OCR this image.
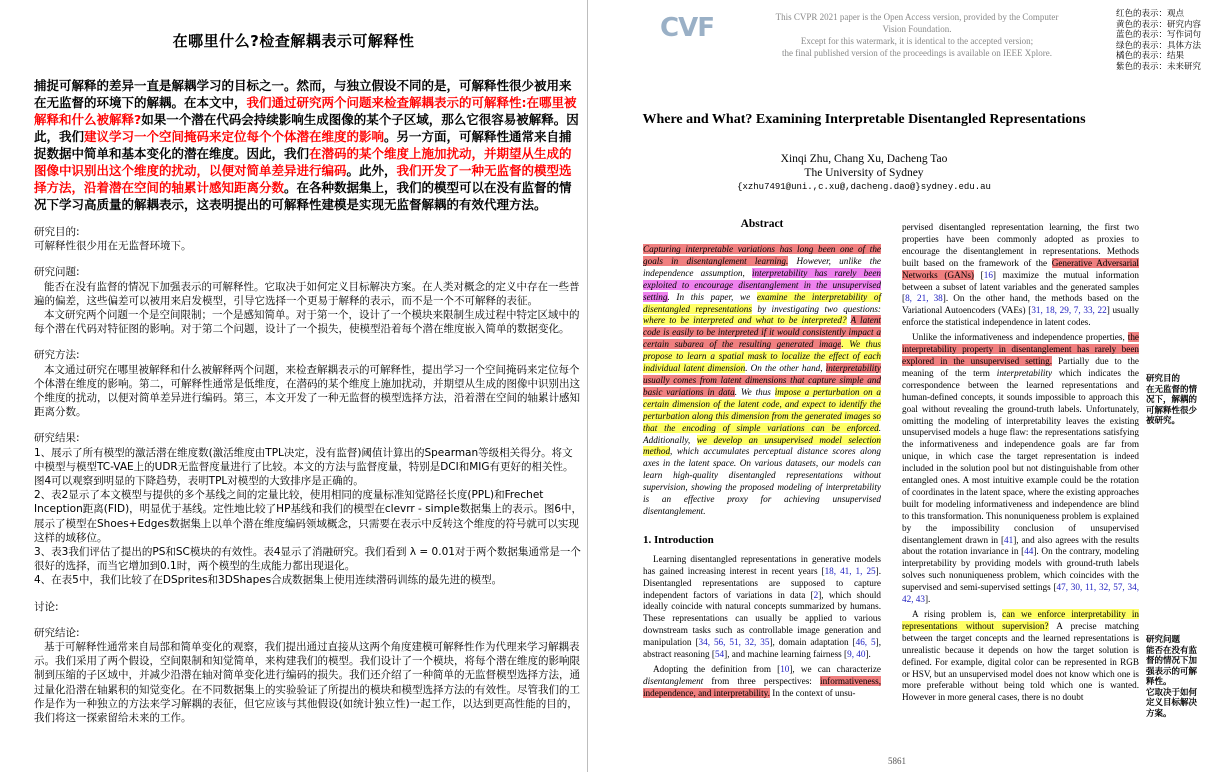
在哪里什么?检查解耦表示可解释性
捕捉可解释的差异一直是解耦学习的目标之一。然而，与独立假设不同的是，可解释性很少被用来在无监督的环境下的解耦。在本文中，我们通过研究两个问题来检查解耦表示的可解释性:在哪里被解释和什么被解释?如果一个潜在代码会持续影响生成图像的某个子区域，那么它很容易被解释。因此，我们建议学习一个空间掩码来定位每个个体潜在维度的影响。另一方面，可解释性通常来自捕捉数据中简单和基本变化的潜在维度。因此，我们在潜码的某个维度上施加扰动，并期望从生成的图像中识别出这个维度的扰动，以便对简单差异进行编码。此外，我们开发了一种无监督的模型选择方法，沿着潜在空间的轴累计感知距离分数。在各种数据集上，我们的模型可以在没有监督的情况下学习高质量的解耦表示，这表明提出的可解释性建模是实现无监督解耦的有效代理方法。
研究目的:
可解释性很少用在无监督环境下。
研究问题:
能否在没有监督的情况下加强表示的可解释性。它取决于如何定义目标解决方案。在人类对概念的定义中存在一些普遍的偏差，这些偏差可以被用来启发模型，引导它选择一个更易于解释的表示，而不是一个不可解释的表征。
本文研究两个问题一个是空间限制；一个是感知简单。对于第一个，设计了一个模块来限制生成过程中特定区域中的每个潜在代码对特征图的影响。对于第二个问题，设计了一个损失，使模型沿着每个潜在维度嵌入简单的数据变化。
研究方法:
本文通过研究在哪里被解释和什么被解释两个问题，来检查解耦表示的可解释性，提出学习一个空间掩码来定位每个个体潜在维度的影响。第二，可解释性通常是低维度，在潜码的某个维度上施加扰动，并期望从生成的图像中识别出这个维度的扰动，以便对简单差异进行编码。第三，本文开发了一种无监督的模型选择方法，沿着潜在空间的轴累计感知距离分数。
研究结果:
1、展示了所有模型的激活潜在维度数(激活维度由TPL决定，没有监督)阈值计算出的Spearman等级相关得分。将文中模型与模型TC-VAE上的UDR无监督度量进行了比较。本文的方法与监督度量，特别是DCI和MIG有更好的相关性。图4可以观察到明显的下降趋势，表明TPL对模型的大致排序是正确的。
2、表2显示了本文模型与提供的多个基线之间的定量比较，使用相同的度量标准知觉路径长度(PPL)和Frechet Inception距离(FID)，明显优于基线。定性地比较了HP基线和我们的模型在clevrr - simple数据集上的表示。图6中，展示了模型在Shoes+Edges数据集上以单个潜在维度编码领域概念，只需要在表示中反转这个维度的符号就可以实现这样的域移位。
3、表3我们评估了提出的PS和SC模块的有效性。表4显示了消融研究。我们看到 λ = 0.01对于两个数据集通常是一个很好的选择，而当它增加到0.1时，两个模型的生成能力都出现退化。
4、在表5中，我们比较了在DSprites和3DShapes合成数据集上使用连续潜码训练的最先进的模型。
讨论:
研究结论:
基于可解释性通常来自局部和简单变化的观察，我们提出通过直接从这两个角度建模可解释性作为代理来学习解耦表示。我们采用了两个假设，空间限制和知觉简单，来构建我们的模型。我们设计了一个模块，将每个潜在维度的影响限制到压缩的子区域中，并减少沿潜在轴对简单变化进行编码的损失。我们还介绍了一种简单的无监督模型选择方法，通过量化沿潜在轴累积的知觉变化。在不同数据集上的实验验证了所提出的模块和模型选择方法的有效性。尽管我们的工作是作为一种独立的方法来学习解耦的表征，但它应该与其他假设(如统计独立性)一起工作，以达到更高性能的目的，我们将这一探索留给未来的工作。
CVF	This CVPR 2021 paper is the Open Access version, provided by the Computer Vision Foundation.
Except for this watermark, it is identical to the accepted version;
the final published version of the proceedings is available on IEEE Xplore.
红色的表示：观点
黄色的表示：研究内容
蓝色的表示：写作词句
绿色的表示：具体方法
橘色的表示：结果
紫色的表示：未来研究
Where and What? Examining Interpretable Disentangled Representations
Xinqi Zhu, Chang Xu, Dacheng Tao
The University of Sydney
{xzhu7491@uni.,c.xu@,dacheng.dao@}sydney.edu.au
Abstract
Capturing interpretable variations has long been one of the goals in disentanglement learning. However, unlike the independence assumption, interpretability has rarely been exploited to encourage disentanglement in the unsupervised setting. In this paper, we examine the interpretability of disentangled representations by investigating two questions: where to be interpreted and what to be interpreted? A latent code is easily to be interpreted if it would consistently impact a certain subarea of the resulting generated image. We thus propose to learn a spatial mask to localize the effect of each individual latent dimension. On the other hand, interpretability usually comes from latent dimensions that capture simple and basic variations in data. We thus impose a perturbation on a certain dimension of the latent code, and expect to identify the perturbation along this dimension from the generated images so that the encoding of simple variations can be enforced. Additionally, we develop an unsupervised model selection method, which accumulates perceptual distance scores along axes in the latent space. On various datasets, our models can learn high-quality disentangled representations without supervision, showing the proposed modeling of interpretability is an effective proxy for achieving unsupervised disentanglement.
1. Introduction

Learning disentangled representations in generative models has gained increasing interest in recent years [18, 41, 1, 25]. Disentangled representations are supposed to capture independent factors of variations in data [2], which should ideally coincide with natural concepts summarized by humans. These representations can usually be applied to various downstream tasks such as controllable image generation and manipulation [34, 56, 51, 32, 35], domain adaptation [46, 5], abstract reasoning [54], and machine learning fairness [9, 40].

Adopting the definition from [10], we can characterize disentanglement from three perspectives: informativeness, independence, and interpretability. In the context of unsu-

pervised disentangled representation learning, the first two properties have been commonly adopted as proxies to encourage the disentanglement in representations. Methods built based on the framework of the Generative Adversarial Networks (GANs) [16] maximize the mutual information between a subset of latent variables and the generated samples [8, 21, 38]. On the other hand, the methods based on the Variational Autoencoders (VAEs) [31, 18, 29, 7, 33, 22] usually enforce the statistical independence in latent codes.

Unlike the informativeness and independence properties, the interpretability property in disentanglement has rarely been explored in the unsupervised setting. Partially due to the meaning of the term interpretability which indicates the correspondence between the learned representations and human-defined concepts, it sounds impossible to approach this goal without revealing the ground-truth labels. Unfortunately, omitting the modeling of interpretability leaves the existing unsupervised models a huge flaw: the representations satisfying the informativeness and independence goals are far from unique, in which case the target representation is indeed included in the solution pool but not distinguishable from other entangled ones. A most intuitive example could be the rotation of coordinates in the latent space, where the existing approaches built for modeling informativeness and independence are blind to this transformation. This nonuniqueness problem is explained by the impossibility conclusion of unsupervised disentanglement drawn in [41], and also agrees with the results about the rotation invariance in [44]. On the contrary, modeling interpretability by providing models with ground-truth labels solves such nonuniqueness problem, which coincides with the supervised and semi-supervised settings [47, 30, 11, 32, 57, 34, 42, 43].

A rising problem is, can we enforce interpretability in representations without supervision? A precise matching between the target concepts and the learned representations is unrealistic because it depends on how the target solution is defined. For example, digital color can be represented in RGB or HSV, but an unsupervised model does not know which one is more preferable without being told which one is wanted. However in more general cases, there is no doubt

研究目的
在无监督的情
况下，解耦的
可解释性很少
被研究。
研究问题
能否在没有监
督的情况下加
强表示的可解
释性。
它取决于如何
定义目标解决
方案。
5861
